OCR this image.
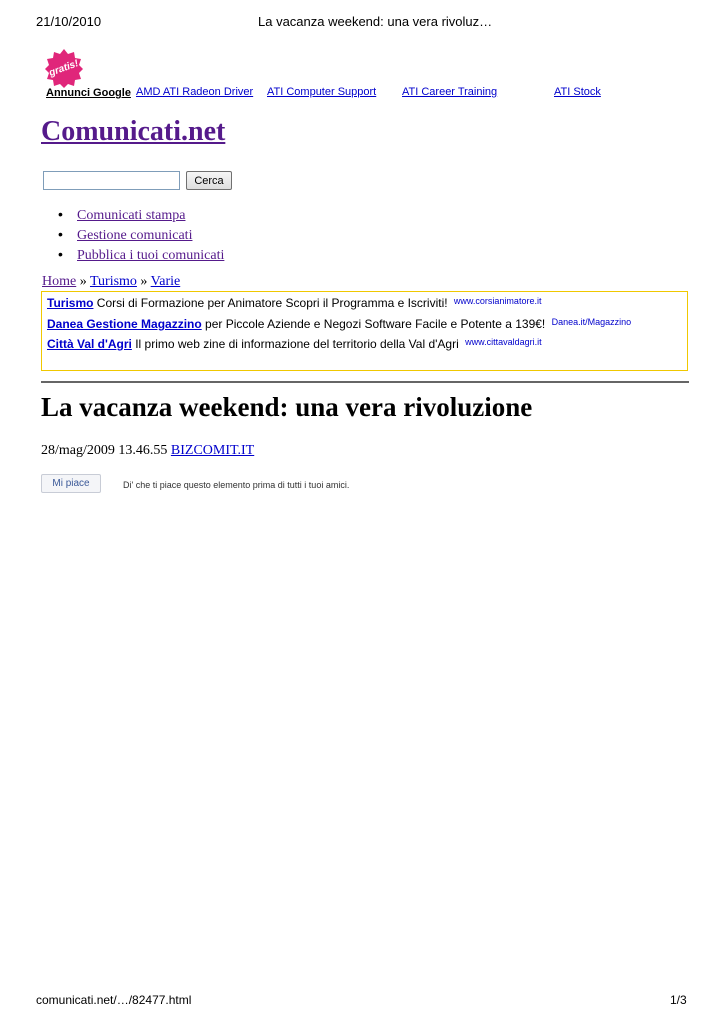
21/10/2010	La vacanza weekend: una vera rivoluz…
gratis!
Annunci Google AMD ATI Radeon Driver ATI Computer Support ATI Career Training	ATI Stock
Comunicati.net
Cerca
• Comunicati stampa
• Gestione comunicati
• Pubblica i tuoi comunicati
Home » Turismo » Varie
Turismo Corsi di Formazione per Animatore Scopri il Programma e Iscriviti! $^{www.corsianimatore.it}$
Danea Gestione Magazzino per Piccole Aziende e Negozi Software Facile e Potente a 139€! $^{Danea.it/Magazzino}$
Città Val d'Agri Il primo web zine di informazione del territorio della Val d'Agri $^{www.cittavaldagri.it}$
La vacanza weekend: una vera rivoluzione
28/mag/2009 13.46.55 BIZCOMIT.IT
Mi piace	Di' che ti piace questo elemento prima di tutti i tuoi amici.
comunicati.net/…/82477.html	1/3
